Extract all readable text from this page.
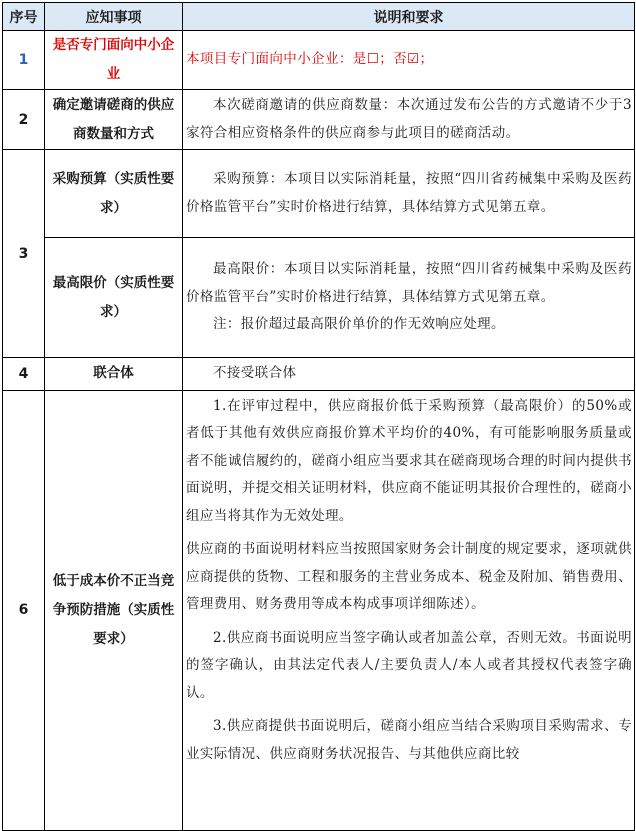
序号	应知事项	说明和要求
1	是否专门面向中小企业	本项目专门面向中小企业：是☐；否☑；
2	确定邀请磋商的供应商数量和方式	本次磋商邀请的供应商数量：本次通过发布公告的方式邀请不少于3家符合相应资格条件的供应商参与此项目的磋商活动。
3	采购预算（实质性要求）	采购预算：本项目以实际消耗量，按照“四川省药械集中采购及医药价格监管平台”实时价格进行结算，具体结算方式见第五章。
	最高限价（实质性要求）	最高限价：本项目以实际消耗量，按照“四川省药械集中采购及医药价格监管平台”实时价格进行结算，具体结算方式见第五章。

注：报价超过最高限价单价的作无效响应处理。

4	联合体	不接受联合体
6	低于成本价不正当竞争预防措施（实质性要求）	1.在评审过程中，供应商报价低于采购预算（最高限价）的50%或者低于其他有效供应商报价算术平均价的40%，有可能影响服务质量或者不能诚信履约的，磋商小组应当要求其在磋商现场合理的时间内提供书面说明，并提交相关证明材料，供应商不能证明其报价合理性的，磋商小组应当将其作为无效处理。

供应商的书面说明材料应当按照国家财务会计制度的规定要求，逐项就供应商提供的货物、工程和服务的主营业务成本、税金及附加、销售费用、管理费用、财务费用等成本构成事项详细陈述）。

2.供应商书面说明应当签字确认或者加盖公章，否则无效。书面说明的签字确认，由其法定代表人/主要负责人/本人或者其授权代表签字确认。

3.供应商提供书面说明后，磋商小组应当结合采购项目采购需求、专业实际情况、供应商财务状况报告、与其他供应商比较
